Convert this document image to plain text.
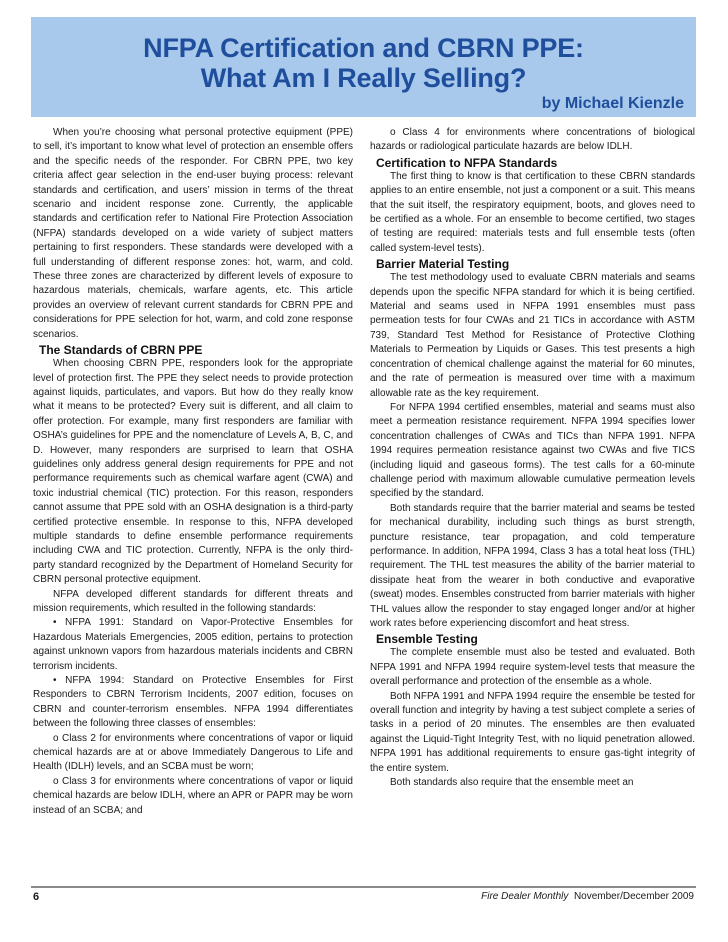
NFPA Certification and CBRN PPE:
What Am I Really Selling?
by Michael Kienzle

When you’re choosing what personal protective equipment (PPE) to sell, it’s important to know what level of protection an ensemble offers and the specific needs of the responder. For CBRN PPE, two key criteria affect gear selection in the end-user buying process: relevant standards and certification, and users’ mission in terms of the threat scenario and incident response zone. Currently, the applicable standards and certification refer to National Fire Protection Association (NFPA) standards developed on a wide variety of subject matters pertaining to first responders. These standards were developed with a full understanding of different response zones: hot, warm, and cold. These three zones are characterized by different levels of exposure to hazardous materials, chemicals, warfare agents, etc. This article provides an overview of relevant current standards for CBRN PPE and considerations for PPE selection for hot, warm, and cold zone response scenarios.

The Standards of CBRN PPE

When choosing CBRN PPE, responders look for the appropriate level of protection first. The PPE they select needs to provide protection against liquids, particulates, and vapors. But how do they really know what it means to be protected? Every suit is different, and all claim to offer protection. For example, many first responders are familiar with OSHA’s guidelines for PPE and the nomenclature of Levels A, B, C, and D. However, many responders are surprised to learn that OSHA guidelines only address general design requirements for PPE and not performance requirements such as chemical warfare agent (CWA) and toxic industrial chemical (TIC) protection. For this reason, responders cannot assume that PPE sold with an OSHA designation is a third-party certified protective ensemble. In response to this, NFPA developed multiple standards to define ensemble performance requirements including CWA and TIC protection. Currently, NFPA is the only third-party standard recognized by the Department of Homeland Security for CBRN personal protective equipment.

NFPA developed different standards for different threats and mission requirements, which resulted in the following standards:

• NFPA 1991: Standard on Vapor-Protective Ensembles for Hazardous Materials Emergencies, 2005 edition, pertains to protection against unknown vapors from hazardous materials incidents and CBRN terrorism incidents.

• NFPA 1994: Standard on Protective Ensembles for First Responders to CBRN Terrorism Incidents, 2007 edition, focuses on CBRN and counter-terrorism ensembles. NFPA 1994 differentiates between the following three classes of ensembles:

o Class 2 for environments where concentrations of vapor or liquid chemical hazards are at or above Immediately Dangerous to Life and Health (IDLH) levels, and an SCBA must be worn;

o Class 3 for environments where concentrations of vapor or liquid chemical hazards are below IDLH, where an APR or PAPR may be worn instead of an SCBA; and

o Class 4 for environments where concentrations of biological hazards or radiological particulate hazards are below IDLH.

Certification to NFPA Standards

The first thing to know is that certification to these CBRN standards applies to an entire ensemble, not just a component or a suit. This means that the suit itself, the respiratory equipment, boots, and gloves need to be certified as a whole. For an ensemble to become certified, two stages of testing are required: materials tests and full ensemble tests (often called system-level tests).

Barrier Material Testing

The test methodology used to evaluate CBRN materials and seams depends upon the specific NFPA standard for which it is being certified. Material and seams used in NFPA 1991 ensembles must pass permeation tests for four CWAs and 21 TICs in accordance with ASTM 739, Standard Test Method for Resistance of Protective Clothing Materials to Permeation by Liquids or Gases. This test presents a high concentration of chemical challenge against the material for 60 minutes, and the rate of permeation is measured over time with a maximum allowable rate as the key requirement.

For NFPA 1994 certified ensembles, material and seams must also meet a permeation resistance requirement. NFPA 1994 specifies lower concentration challenges of CWAs and TICs than NFPA 1991. NFPA 1994 requires permeation resistance against two CWAs and five TICS (including liquid and gaseous forms). The test calls for a 60-minute challenge period with maximum allowable cumulative permeation levels specified by the standard.

Both standards require that the barrier material and seams be tested for mechanical durability, including such things as burst strength, puncture resistance, tear propagation, and cold temperature performance. In addition, NFPA 1994, Class 3 has a total heat loss (THL) requirement. The THL test measures the ability of the barrier material to dissipate heat from the wearer in both conductive and evaporative (sweat) modes. Ensembles constructed from barrier materials with higher THL values allow the responder to stay engaged longer and/or at higher work rates before experiencing discomfort and heat stress.

Ensemble Testing

The complete ensemble must also be tested and evaluated. Both NFPA 1991 and NFPA 1994 require system-level tests that measure the overall performance and protection of the ensemble as a whole.

Both NFPA 1991 and NFPA 1994 require the ensemble be tested for overall function and integrity by having a test subject complete a series of tasks in a period of 20 minutes. The ensembles are then evaluated against the Liquid-Tight Integrity Test, with no liquid penetration allowed. NFPA 1991 has additional requirements to ensure gas-tight integrity of the entire system.

Both standards also require that the ensemble meet an

6	Fire Dealer Monthly November/December 2009
